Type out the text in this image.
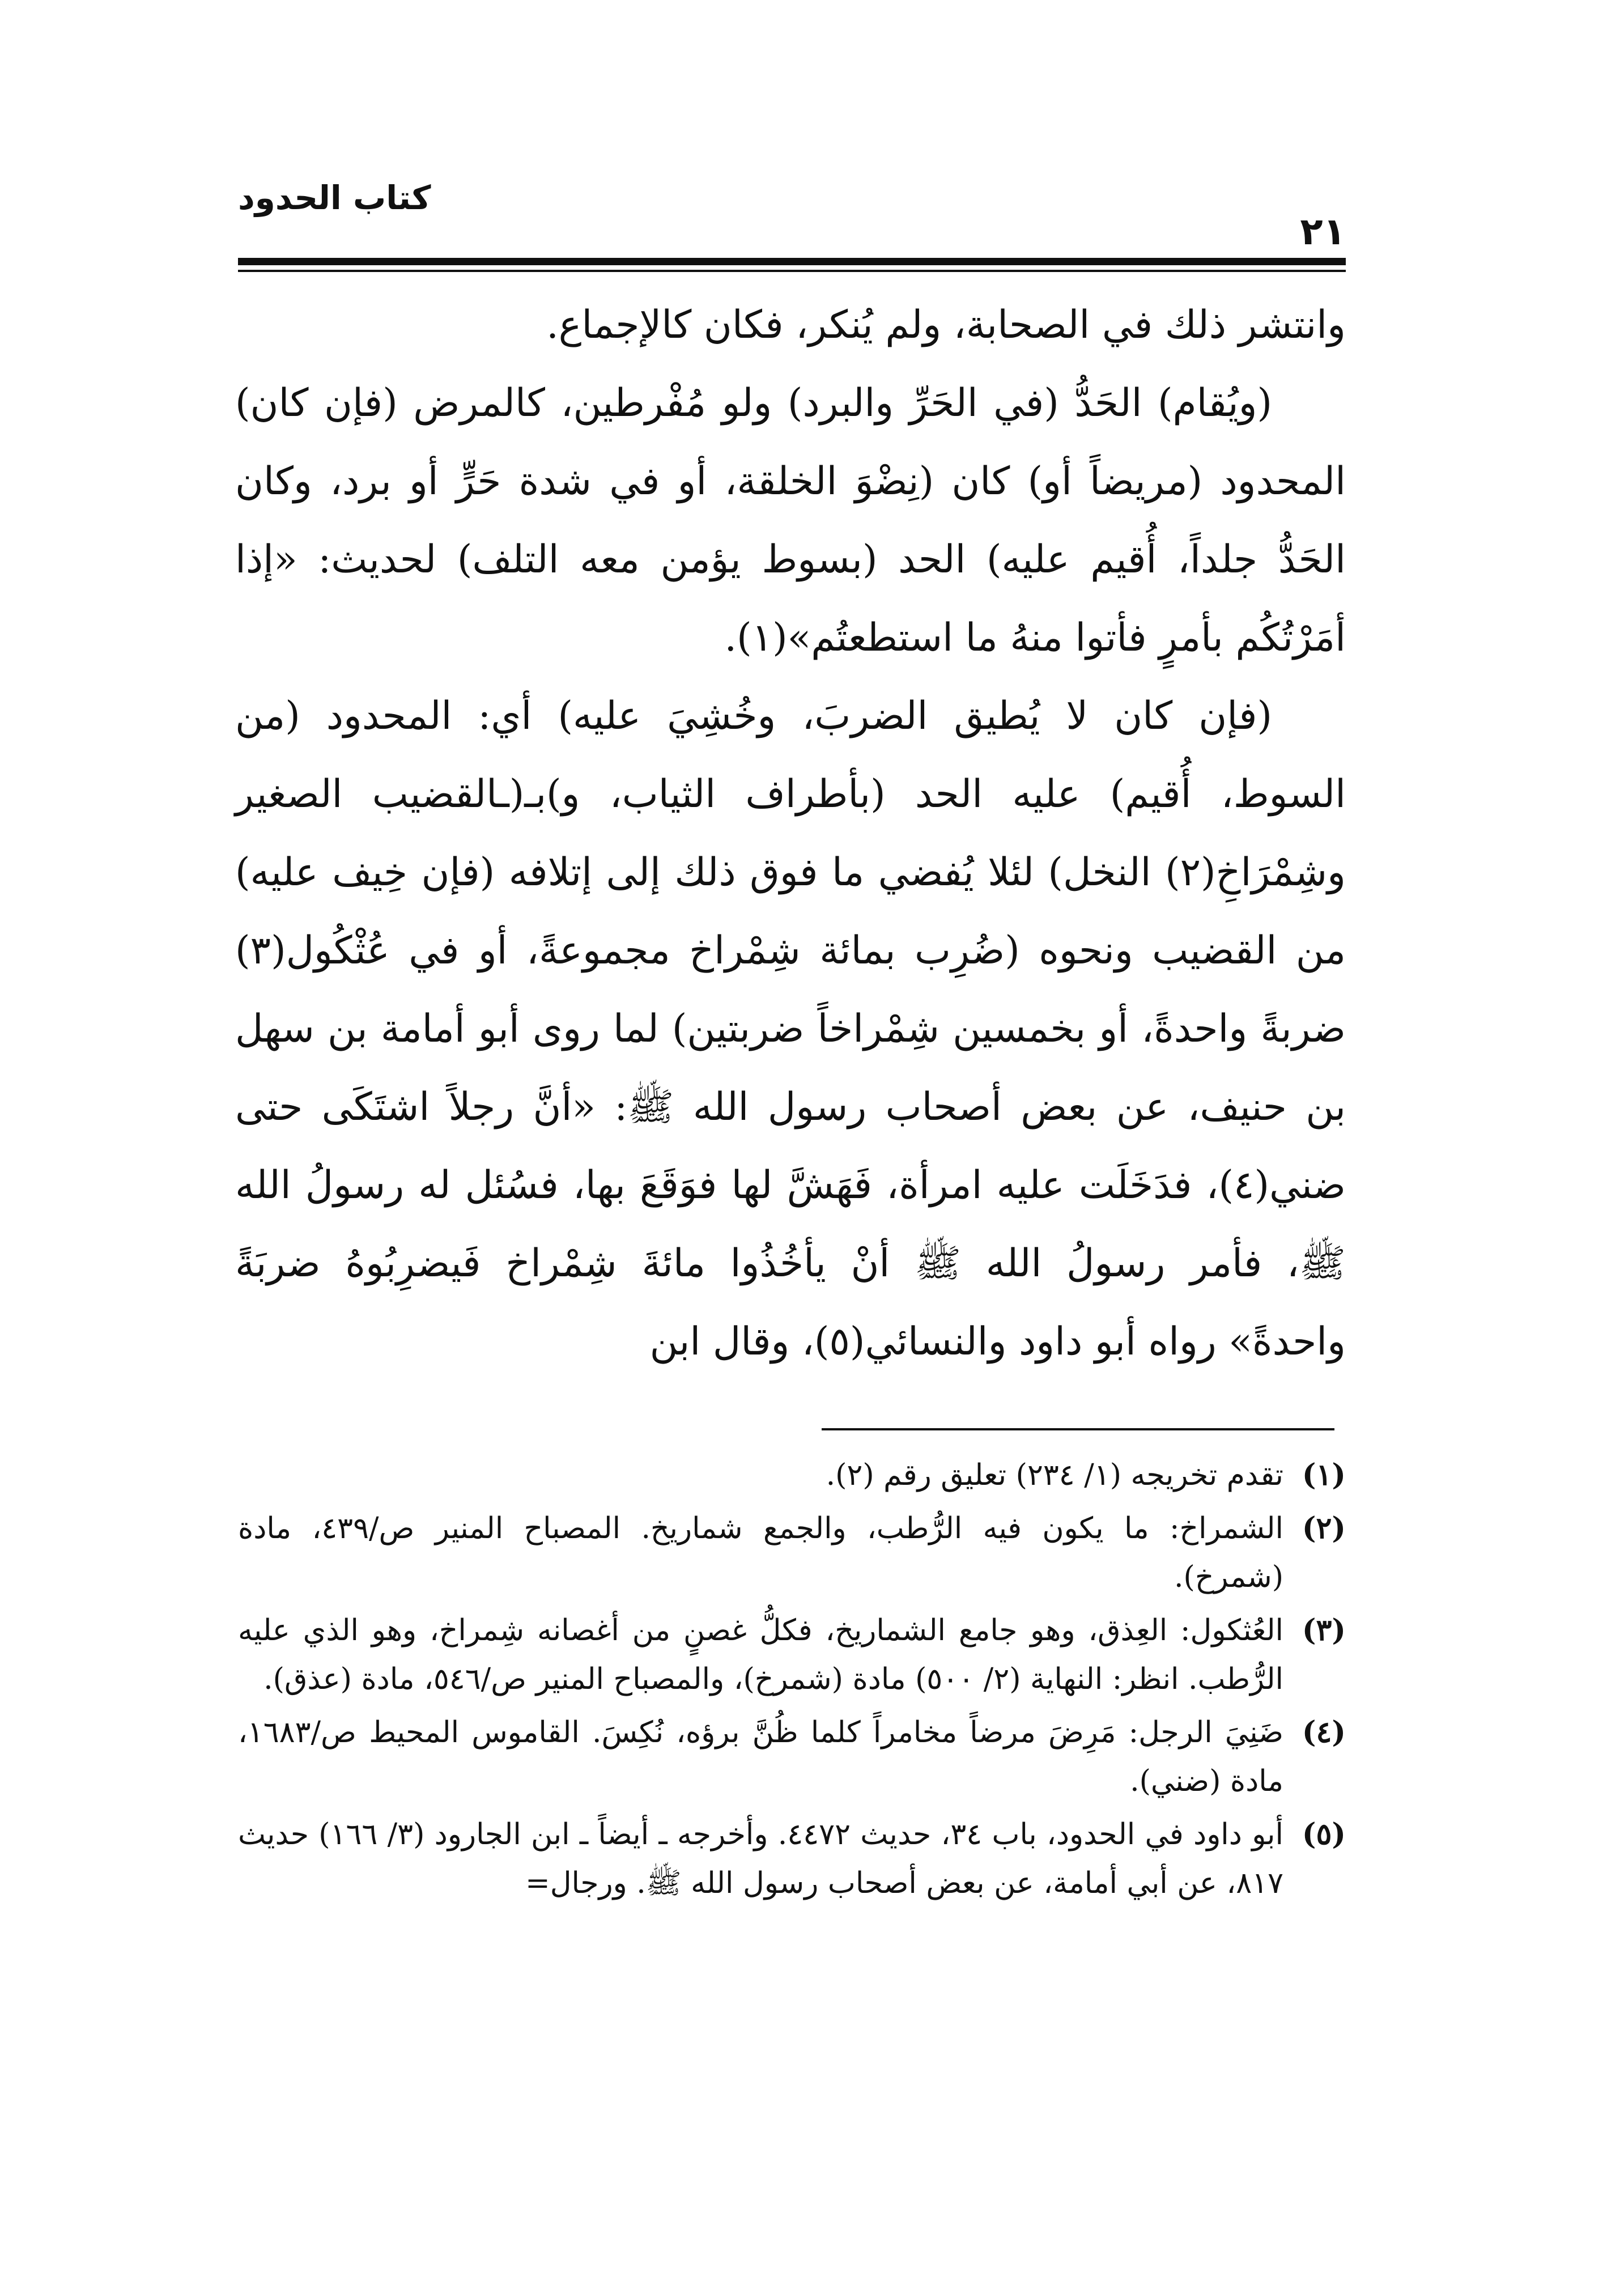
كتاب الحدود
٢١

وانتشر ذلك في الصحابة، ولم يُنكر، فكان كالإجماع.

(ويُقام) الحَدُّ (في الحَرِّ والبرد) ولو مُفْرطين، كالمرض (فإن كان) المحدود (مريضاً أو) كان (نِضْوَ الخلقة، أو في شدة حَرٍّ أو برد، وكان الحَدُّ جلداً، أُقيم عليه) الحد (بسوط يؤمن معه التلف) لحديث: «إذا أمَرْتُكُم بأمرٍ فأتوا منهُ ما استطعتُم»(١).

(فإن كان لا يُطيق الضربَ، وخُشِيَ عليه) أي: المحدود (من السوط، أُقيم) عليه الحد (بأطراف الثياب، و)بـ(ـالقضيب الصغير وشِمْرَاخِ(٢) النخل) لئلا يُفضي ما فوق ذلك إلى إتلافه (فإن خِيف عليه) من القضيب ونحوه (ضُرِب بمائة شِمْراخ مجموعةً، أو في عُثْكُول(٣) ضربةً واحدةً، أو بخمسين شِمْراخاً ضربتين) لما روى أبو أمامة بن سهل بن حنيف، عن بعض أصحاب رسول الله ﷺ: «أنَّ رجلاً اشتَكَى حتى ضني(٤)، فدَخَلَت عليه امرأة، فَهَشَّ لها فوَقَعَ بها، فسُئل له رسولُ الله ﷺ، فأمر رسولُ الله ﷺ أنْ يأخُذُوا مائةَ شِمْراخ فَيضرِبُوهُ ضربَةً واحدةً» رواه أبو داود والنسائي(٥)، وقال ابن

(١)
تقدم تخريجه (١/ ٢٣٤) تعليق رقم (٢).
(٢)
الشمراخ: ما يكون فيه الرُّطب، والجمع شماريخ. المصباح المنير ص/٤٣٩، مادة (شمرخ).
(٣)
العُثكول: العِذق، وهو جامع الشماريخ، فكلُّ غصنٍ من أغصانه شِمراخ، وهو الذي عليه الرُّطب. انظر: النهاية (٢/ ٥٠٠) مادة (شمرخ)، والمصباح المنير ص/٥٤٦، مادة (عذق).
(٤)
ضَنِيَ الرجل: مَرِضَ مرضاً مخامراً كلما ظُنَّ برؤه، نُكِسَ. القاموس المحيط ص/١٦٨٣، مادة (ضني).
(٥)
أبو داود في الحدود، باب ٣٤، حديث ٤٤٧٢. وأخرجه ـ أيضاً ـ ابن الجارود (٣/ ١٦٦) حديث ٨١٧، عن أبي أمامة، عن بعض أصحاب رسول الله ﷺ. ورجال=
